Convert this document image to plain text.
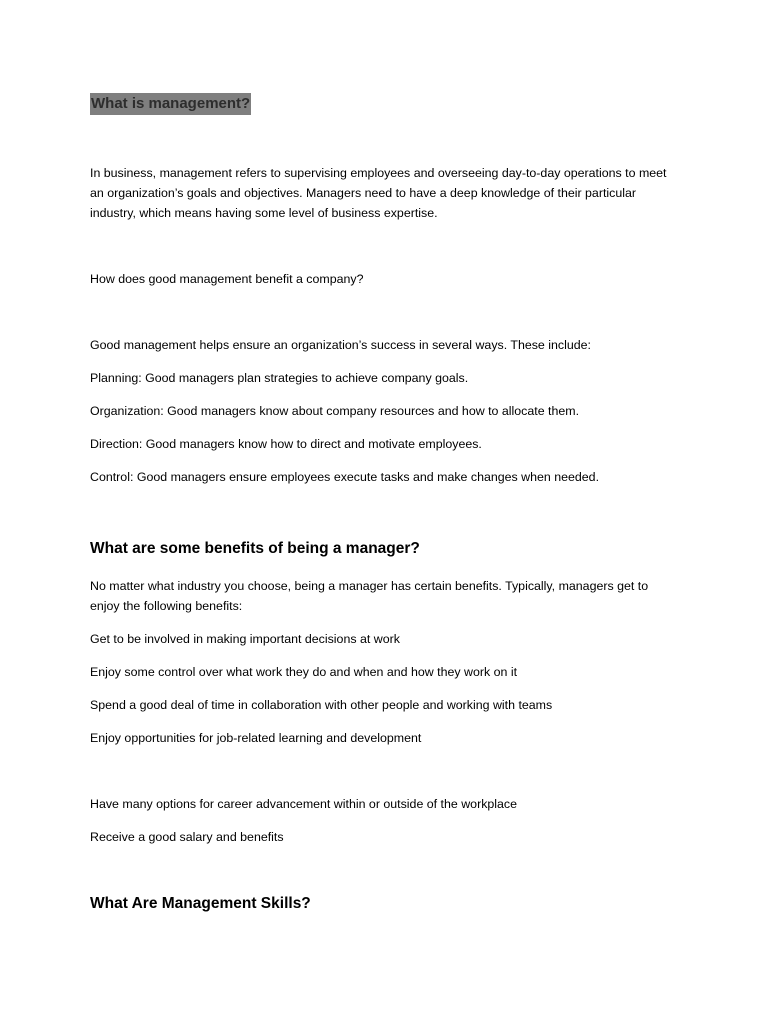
What is management?

In business, management refers to supervising employees and overseeing day-to-day operations to meet an organization’s goals and objectives. Managers need to have a deep knowledge of their particular industry, which means having some level of business expertise.

How does good management benefit a company?

Good management helps ensure an organization’s success in several ways. These include:

Planning: Good managers plan strategies to achieve company goals.

Organization: Good managers know about company resources and how to allocate them.

Direction: Good managers know how to direct and motivate employees.

Control: Good managers ensure employees execute tasks and make changes when needed.

What are some benefits of being a manager?

No matter what industry you choose, being a manager has certain benefits. Typically, managers get to enjoy the following benefits:

Get to be involved in making important decisions at work

Enjoy some control over what work they do and when and how they work on it

Spend a good deal of time in collaboration with other people and working with teams

Enjoy opportunities for job-related learning and development

Have many options for career advancement within or outside of the workplace

Receive a good salary and benefits

What Are Management Skills?
